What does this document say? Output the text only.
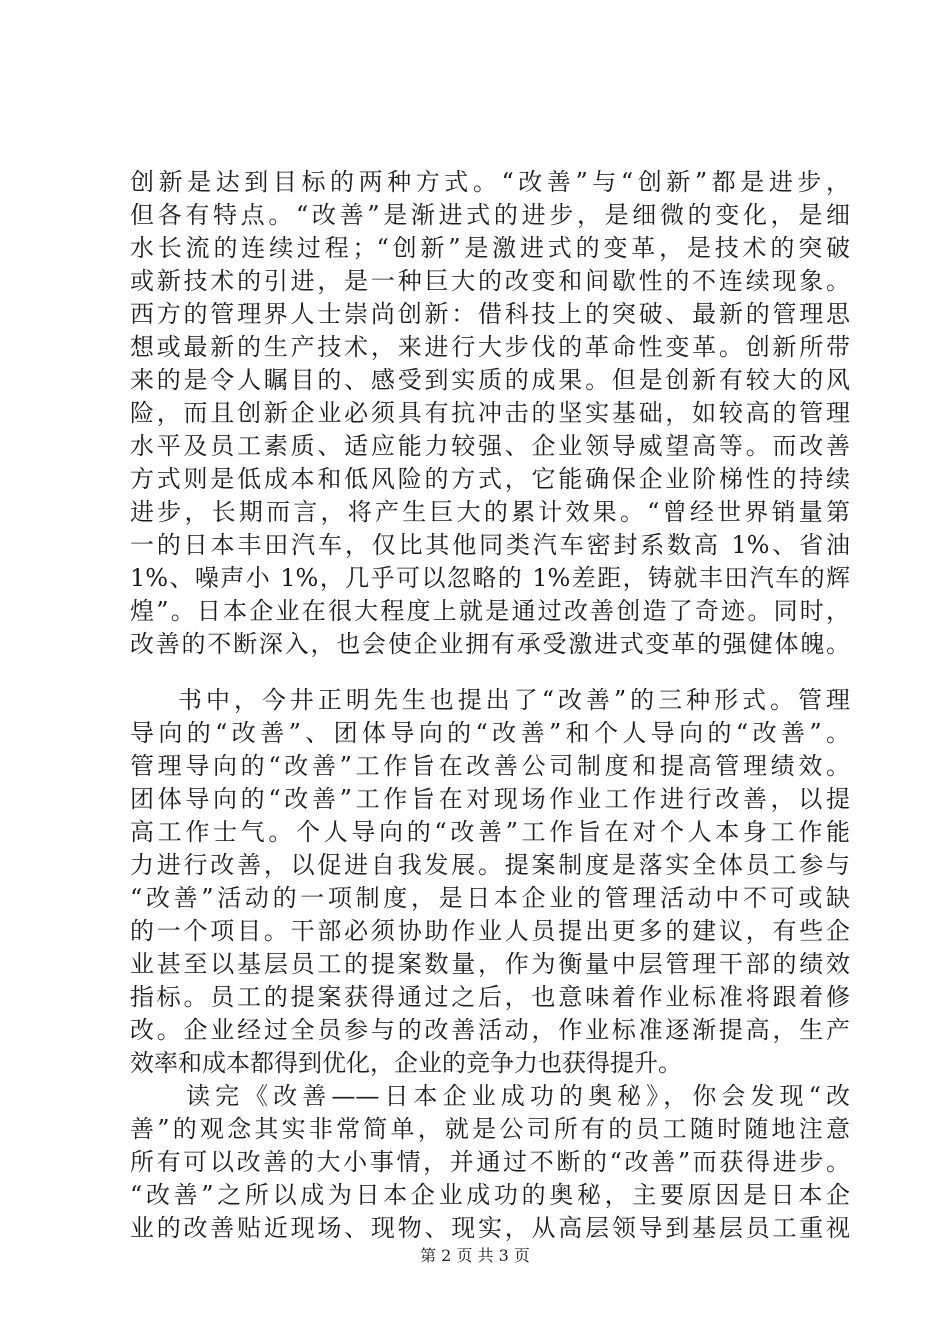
创新是达到目标的两种方式。“改善”与“创新”都是进步，
但各有特点。“改善”是渐进式的进步，是细微的变化，是细
水长流的连续过程；“创新”是激进式的变革，是技术的突破
或新技术的引进，是一种巨大的改变和间歇性的不连续现象。
西方的管理界人士崇尚创新：借科技上的突破、最新的管理思
想或最新的生产技术，来进行大步伐的革命性变革。创新所带
来的是令人瞩目的、感受到实质的成果。但是创新有较大的风
险，而且创新企业必须具有抗冲击的坚实基础，如较高的管理
水平及员工素质、适应能力较强、企业领导威望高等。而改善
方式则是低成本和低风险的方式，它能确保企业阶梯性的持续
进步，长期而言，将产生巨大的累计效果。“曾经世界销量第
一的日本丰田汽车，仅比其他同类汽车密封系数高 1%、省油
1%、噪声小 1%，几乎可以忽略的 1%差距，铸就丰田汽车的辉
煌”。日本企业在很大程度上就是通过改善创造了奇迹。同时，
改善的不断深入，也会使企业拥有承受激进式变革的强健体魄。
书中，今井正明先生也提出了“改善”的三种形式。管理
导向的“改善”、团体导向的“改善”和个人导向的“改善”。
管理导向的“改善”工作旨在改善公司制度和提高管理绩效。
团体导向的“改善”工作旨在对现场作业工作进行改善，以提
高工作士气。个人导向的“改善”工作旨在对个人本身工作能
力进行改善，以促进自我发展。提案制度是落实全体员工参与
“改善”活动的一项制度，是日本企业的管理活动中不可或缺
的一个项目。干部必须协助作业人员提出更多的建议，有些企
业甚至以基层员工的提案数量，作为衡量中层管理干部的绩效
指标。员工的提案获得通过之后，也意味着作业标准将跟着修
改。企业经过全员参与的改善活动，作业标准逐渐提高，生产
效率和成本都得到优化，企业的竞争力也获得提升。
读完《改善——日本企业成功的奥秘》，你会发现“改
善”的观念其实非常简单，就是公司所有的员工随时随地注意
所有可以改善的大小事情，并通过不断的“改善”而获得进步。
“改善”之所以成为日本企业成功的奥秘，主要原因是日本企
业的改善贴近现场、现物、现实，从高层领导到基层员工重视
第 2 页 共 3 页
